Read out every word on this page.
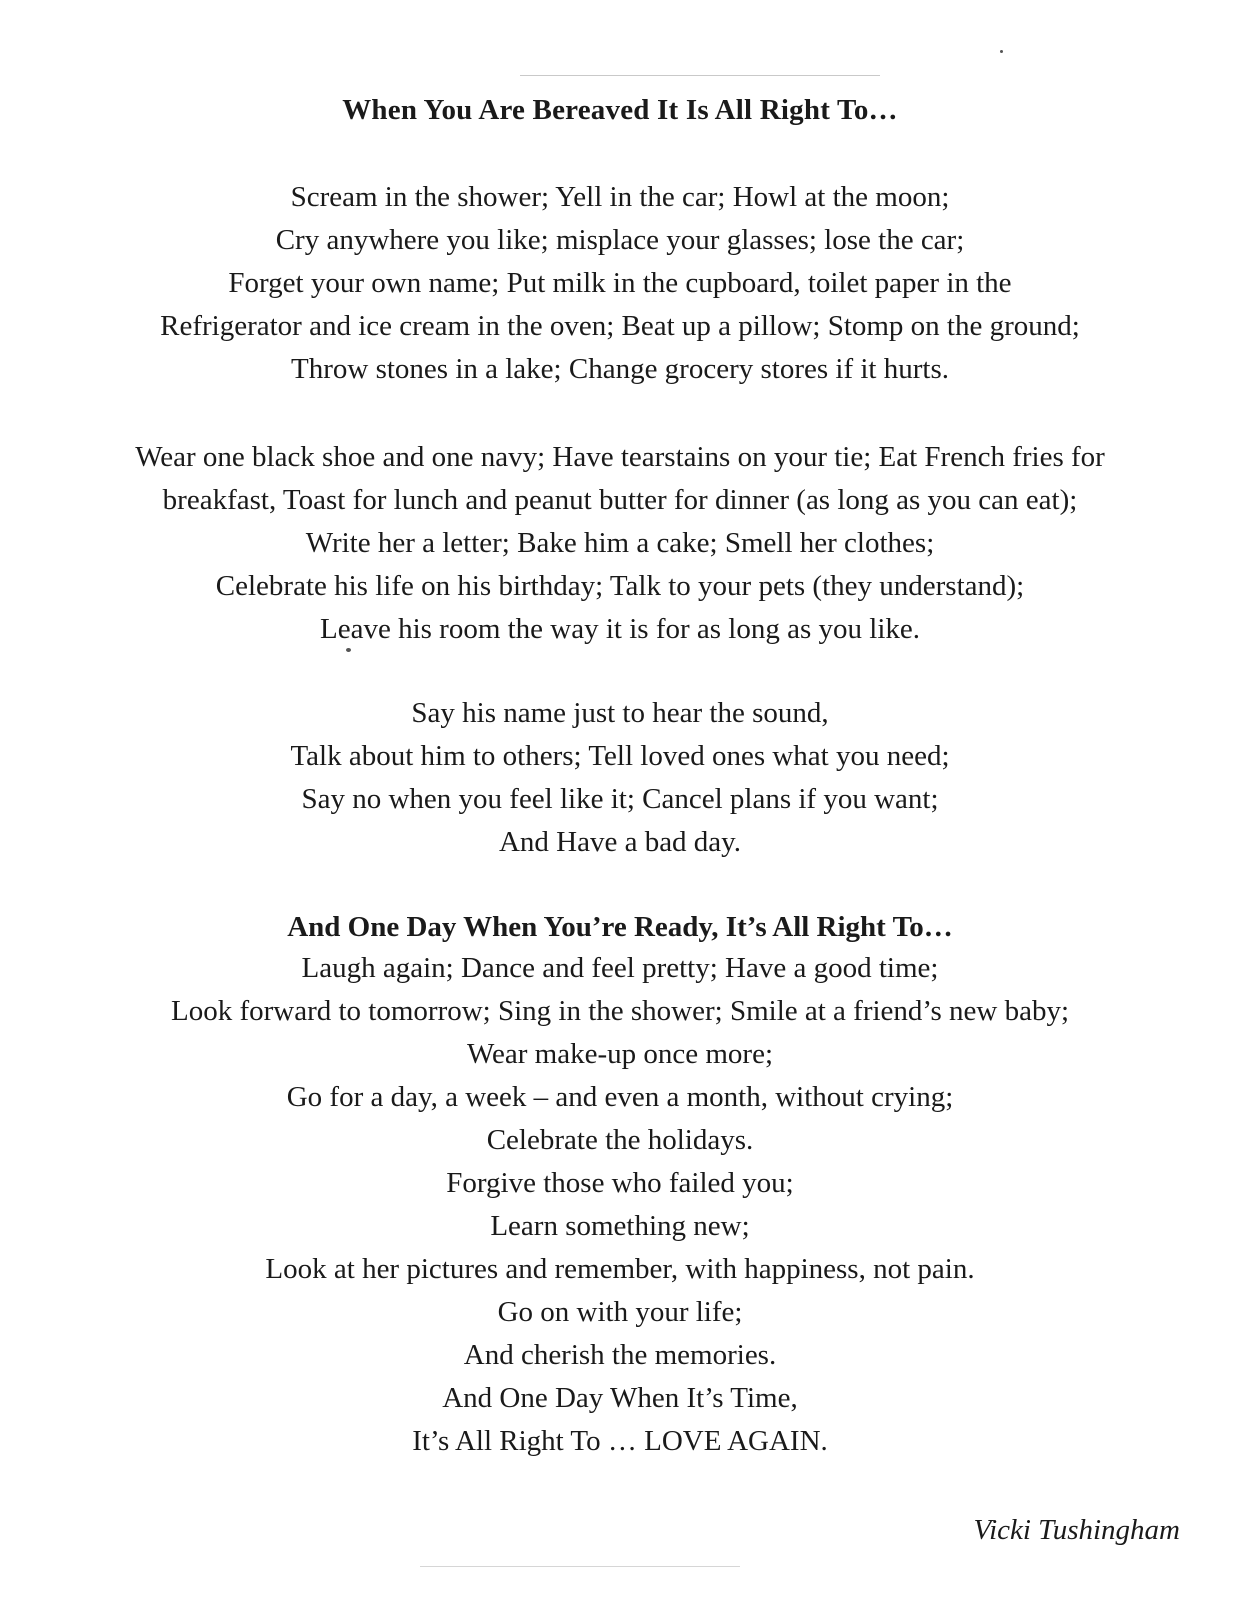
When You Are Bereaved It Is All Right To…
Scream in the shower; Yell in the car; Howl at the moon;
Cry anywhere you like; misplace your glasses; lose the car;
Forget your own name; Put milk in the cupboard, toilet paper in the
Refrigerator and ice cream in the oven; Beat up a pillow; Stomp on the ground;
Throw stones in a lake; Change grocery stores if it hurts.
Wear one black shoe and one navy; Have tearstains on your tie; Eat French fries for
breakfast, Toast for lunch and peanut butter for dinner (as long as you can eat);
Write her a letter; Bake him a cake; Smell her clothes;
Celebrate his life on his birthday; Talk to your pets (they understand);
Leave his room the way it is for as long as you like.
Say his name just to hear the sound,
Talk about him to others; Tell loved ones what you need;
Say no when you feel like it; Cancel plans if you want;
And Have a bad day.
And One Day When You’re Ready, It’s All Right To…
Laugh again; Dance and feel pretty; Have a good time;
Look forward to tomorrow; Sing in the shower; Smile at a friend’s new baby;
Wear make-up once more;
Go for a day, a week – and even a month, without crying;
Celebrate the holidays.
Forgive those who failed you;
Learn something new;
Look at her pictures and remember, with happiness, not pain.
Go on with your life;
And cherish the memories.
And One Day When It’s Time,
It’s All Right To … LOVE AGAIN.
Vicki Tushingham
